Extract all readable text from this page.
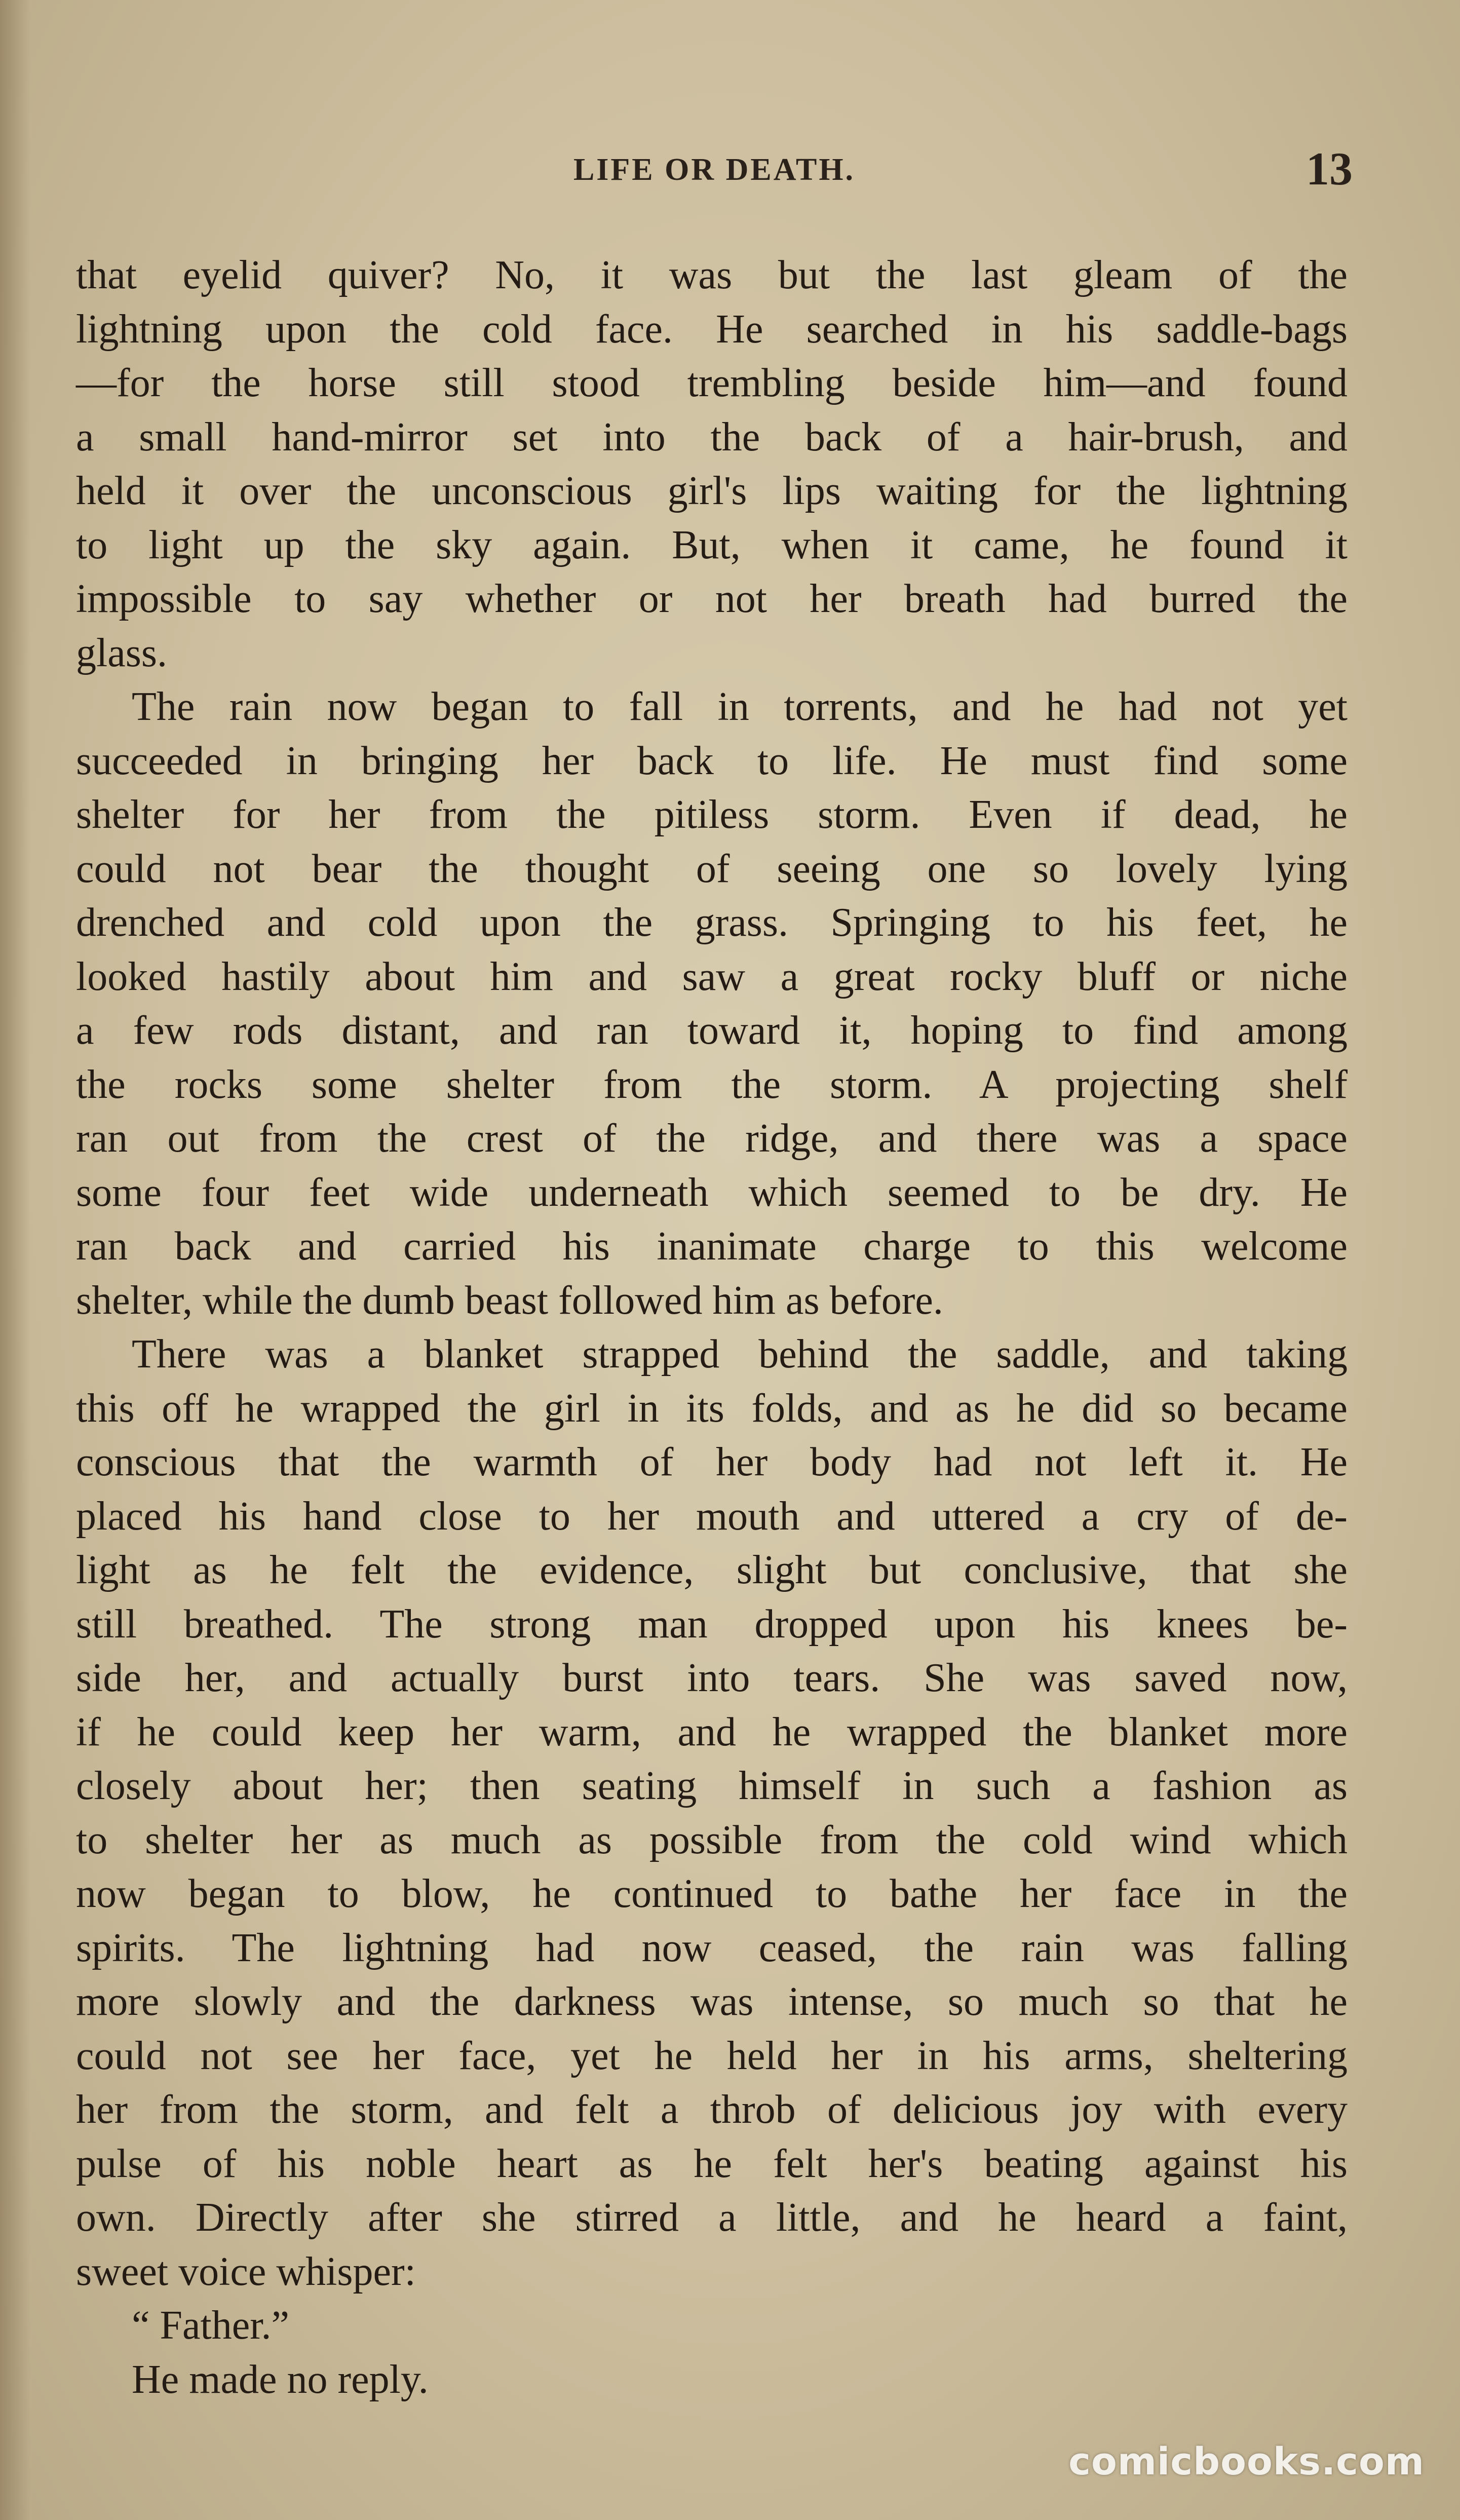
LIFE OR DEATH.	13
that eyelid quiver? No, it was but the last gleam of the
lightning upon the cold face. He searched in his saddle-bags
—for the horse still stood trembling beside him—and found
a small hand-mirror set into the back of a hair-brush, and
held it over the unconscious girl's lips waiting for the lightning
to light up the sky again. But, when it came, he found it
impossible to say whether or not her breath had burred the
glass.
The rain now began to fall in torrents, and he had not yet
succeeded in bringing her back to life. He must find some
shelter for her from the pitiless storm. Even if dead, he
could not bear the thought of seeing one so lovely lying
drenched and cold upon the grass. Springing to his feet, he
looked hastily about him and saw a great rocky bluff or niche
a few rods distant, and ran toward it, hoping to find among
the rocks some shelter from the storm. A projecting shelf
ran out from the crest of the ridge, and there was a space
some four feet wide underneath which seemed to be dry. He
ran back and carried his inanimate charge to this welcome
shelter, while the dumb beast followed him as before.
There was a blanket strapped behind the saddle, and taking
this off he wrapped the girl in its folds, and as he did so became
conscious that the warmth of her body had not left it. He
placed his hand close to her mouth and uttered a cry of de-
light as he felt the evidence, slight but conclusive, that she
still breathed. The strong man dropped upon his knees be-
side her, and actually burst into tears. She was saved now,
if he could keep her warm, and he wrapped the blanket more
closely about her; then seating himself in such a fashion as
to shelter her as much as possible from the cold wind which
now began to blow, he continued to bathe her face in the
spirits. The lightning had now ceased, the rain was falling
more slowly and the darkness was intense, so much so that he
could not see her face, yet he held her in his arms, sheltering
her from the storm, and felt a throb of delicious joy with every
pulse of his noble heart as he felt her's beating against his
own. Directly after she stirred a little, and he heard a faint,
sweet voice whisper:
“ Father.”
He made no reply.
comicbooks.com
